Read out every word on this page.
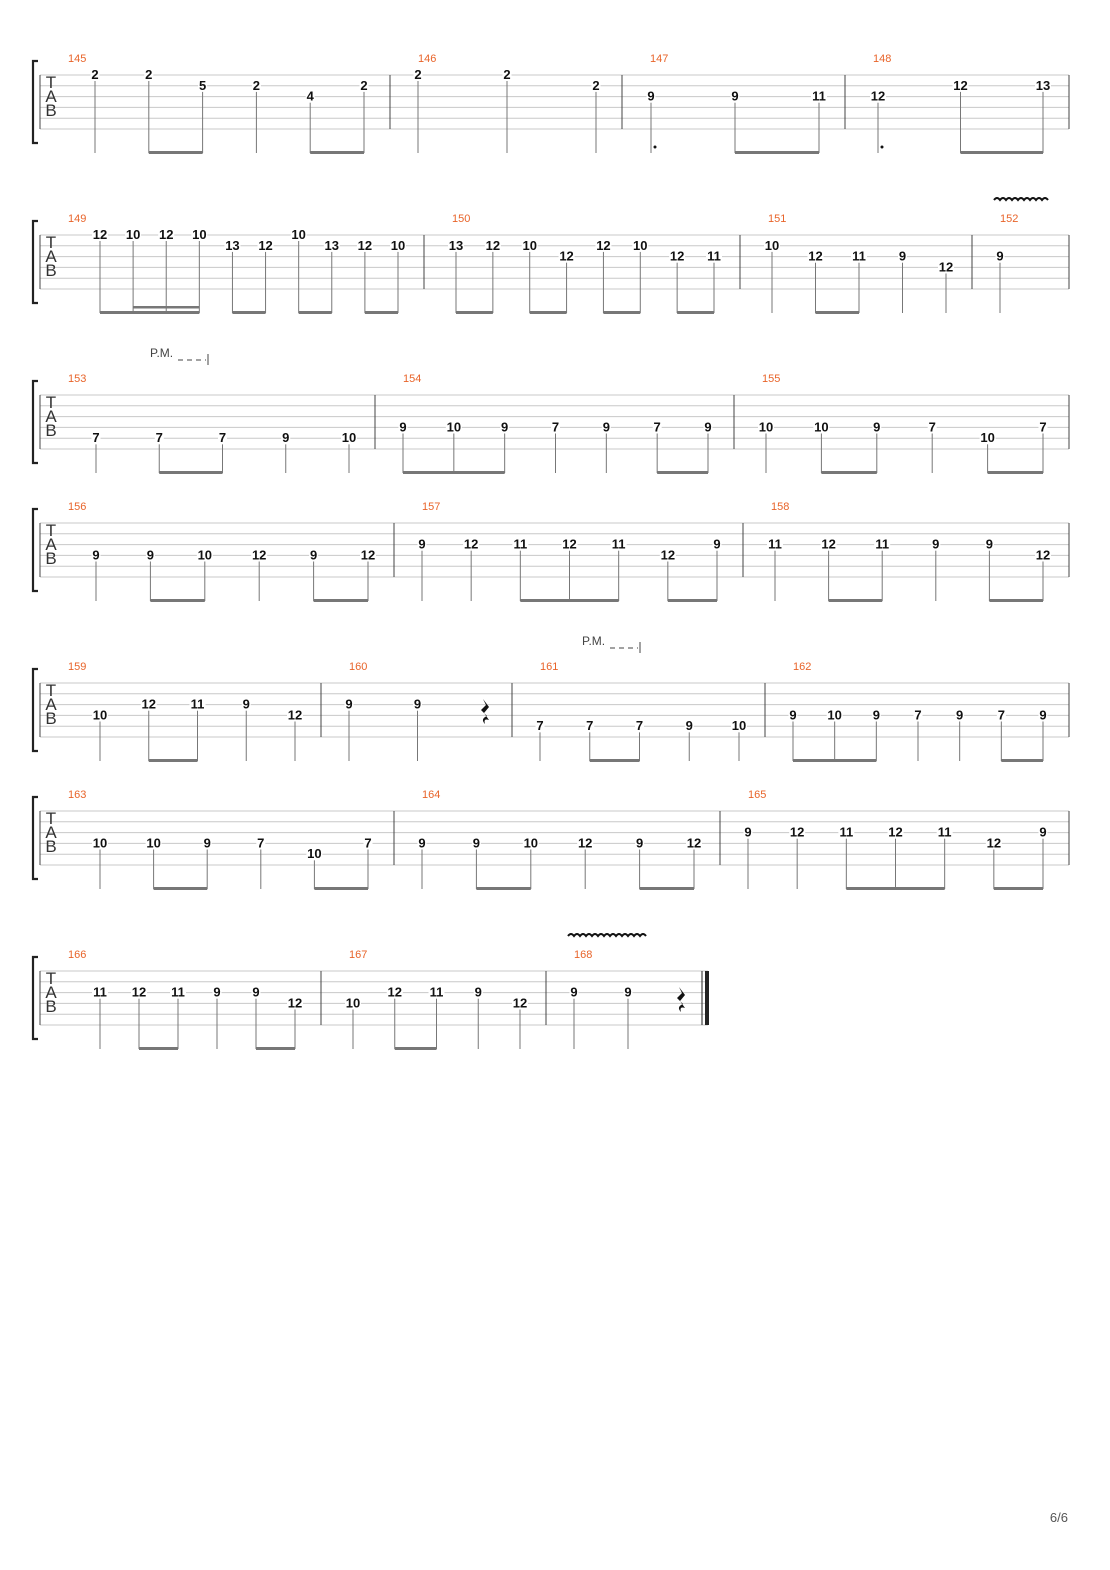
T
A
B
145
2	2
5	2
4
2
146
2	2
2
147
9	9	11
148
12
12	13
T
A
B
149
12 10 12 10
13 12
10
13 12 10
150
13 12 10
12
12 10
12 11
151
10
12 11	9
12
152
9
T
A
B
153
7	7	7	9	10
154
9	10	9	7	9	7	9
155
10	10	9	7
10
7
P.M.
T
A
B
156
9	9	10	12	9	12
157
9	12	11	12	11
12
9
158
11	12	11	9	9
12
T
A
B
159
10
12	11	9
12
160
9	9
161
7	7	7	9	10
162
9 10 9	7	9	7	9
P.M.
T
A
B
163
10	10	9	7
10
7
164
9	9	10	12	9	12
165
9	12	11	12	11
12
9
T
A
B
166
11 12 11 9 9
12
167
10
12 11 9
12
168
9	9
6/6
